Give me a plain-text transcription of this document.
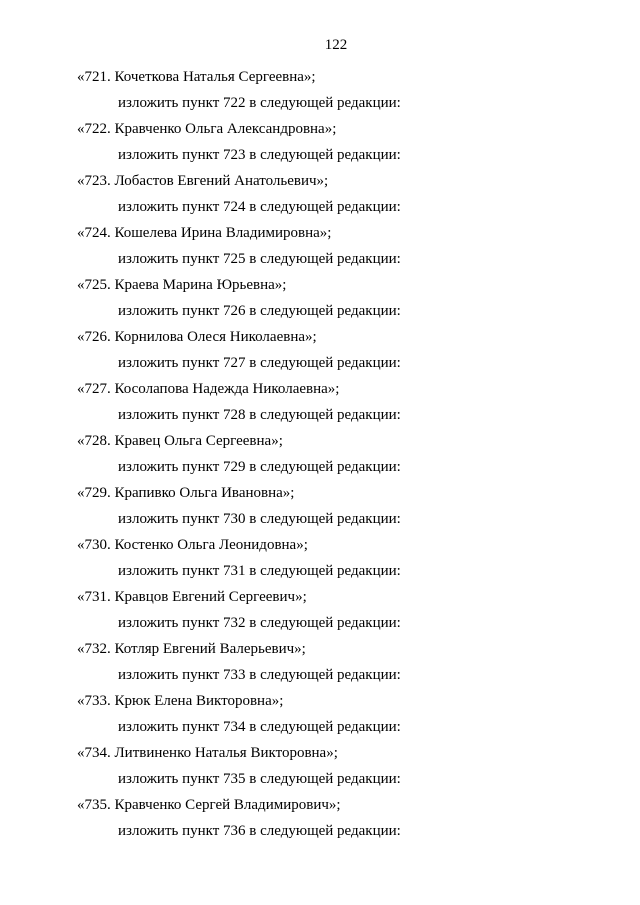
122
«721. Кочеткова Наталья Сергеевна»;
изложить пункт 722 в следующей редакции:
«722. Кравченко Ольга Александровна»;
изложить пункт 723 в следующей редакции:
«723. Лобастов Евгений Анатольевич»;
изложить пункт 724 в следующей редакции:
«724. Кошелева Ирина Владимировна»;
изложить пункт 725 в следующей редакции:
«725. Краева Марина Юрьевна»;
изложить пункт 726 в следующей редакции:
«726. Корнилова Олеся Николаевна»;
изложить пункт 727 в следующей редакции:
«727. Косолапова Надежда Николаевна»;
изложить пункт 728 в следующей редакции:
«728. Кравец Ольга Сергеевна»;
изложить пункт 729 в следующей редакции:
«729. Крапивко Ольга Ивановна»;
изложить пункт 730 в следующей редакции:
«730. Костенко Ольга Леонидовна»;
изложить пункт 731 в следующей редакции:
«731. Кравцов Евгений Сергеевич»;
изложить пункт 732 в следующей редакции:
«732. Котляр Евгений Валерьевич»;
изложить пункт 733 в следующей редакции:
«733. Крюк Елена Викторовна»;
изложить пункт 734 в следующей редакции:
«734. Литвиненко Наталья Викторовна»;
изложить пункт 735 в следующей редакции:
«735. Кравченко Сергей Владимирович»;
изложить пункт 736 в следующей редакции:
